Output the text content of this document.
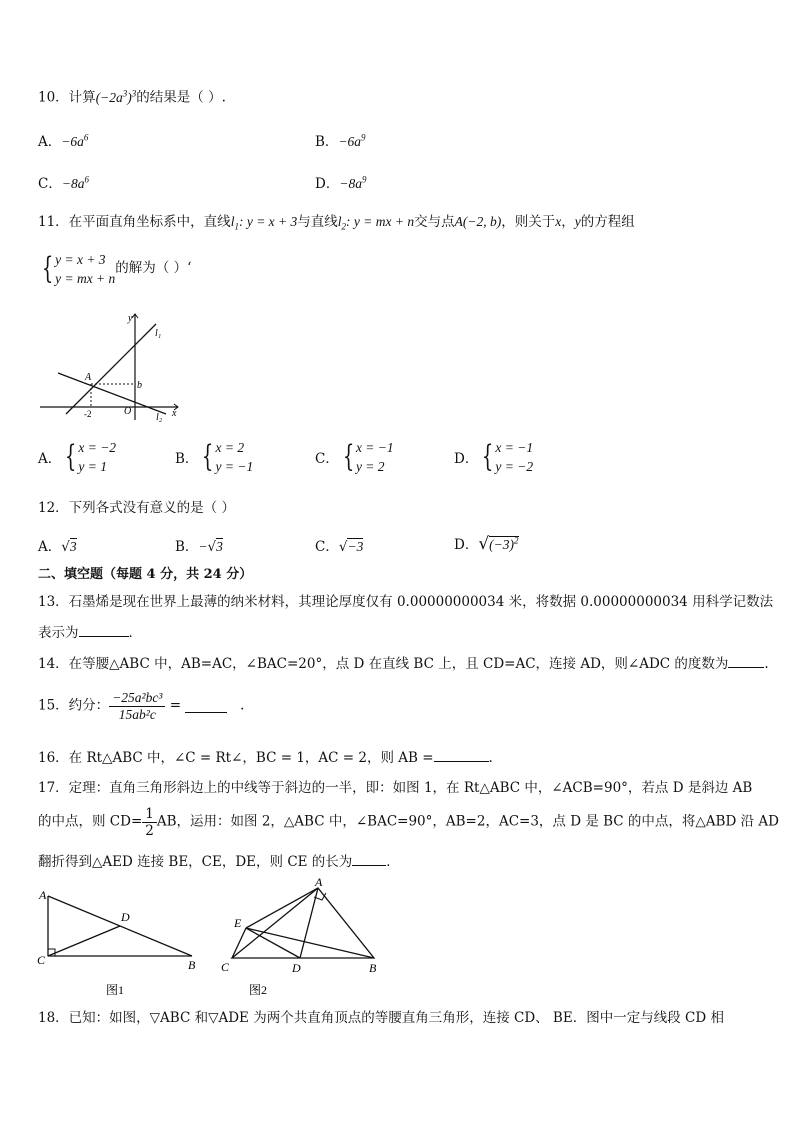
10．计算$(-2a^3)^3$的结果是（ ）.
A．$-6a^6$	B．$-6a^9$
C．$-8a^6$	D．$-8a^9$
11．在平面直角坐标系中，直线$l_1$: y = x + 3与直线$l_2$: y = mx + n交与点A(−2, b)，则关于x，y的方程组
{ y = x + 3
y = mx + n的解为（ ）‘
y
x
l₁
l₂
A
b
-2	O
A． { x = −2
y = 1	B． { x = 2
y = −1	C． { x = −1
y = 2	D． { x = −1
y = −2
12．下列各式没有意义的是（ ）
A．√3	B．−√3	C．√−3	D．$√(-3)^2$
二、填空题（每题 4 分，共 24 分）
13．石墨烯是现在世界上最薄的纳米材料，其理论厚度仅有 0.00000000034 米，将数据 0.00000000034 用科学记数法
表示为	．
14．在等腰△ABC 中，AB=AC，∠BAC=20°，点 D 在直线 BC 上，且 CD=AC，连接 AD，则∠ADC 的度数为	.
15．约分： $\frac{\text{−25a²bc³}}{\text{15ab²c}}$ =	.
16．在 Rt△ABC 中，∠C = Rt∠，BC = 1，AC = 2，则 AB =	.
17．定理：直角三角形斜边上的中线等于斜边的一半，即：如图 1，在 Rt△ABC 中，∠ACB=90°，若点 D 是斜边 AB
的中点，则 $CD= \frac{1}{2}$ AB，运用：如图 2，△ABC 中，∠BAC=90°，AB=2，AC=3，点 D 是 BC 的中点，将△ABD 沿 AD
翻折得到△AED 连接 BE，CE，DE，则 CE 的长为	．
A
C
D
B
图1
A
E
C	D	B
图2
18．已知：如图，▽ABC 和▽ADE 为两个共直角顶点的等腰直角三角形，连接 CD、 BE．图中一定与线段 CD 相
